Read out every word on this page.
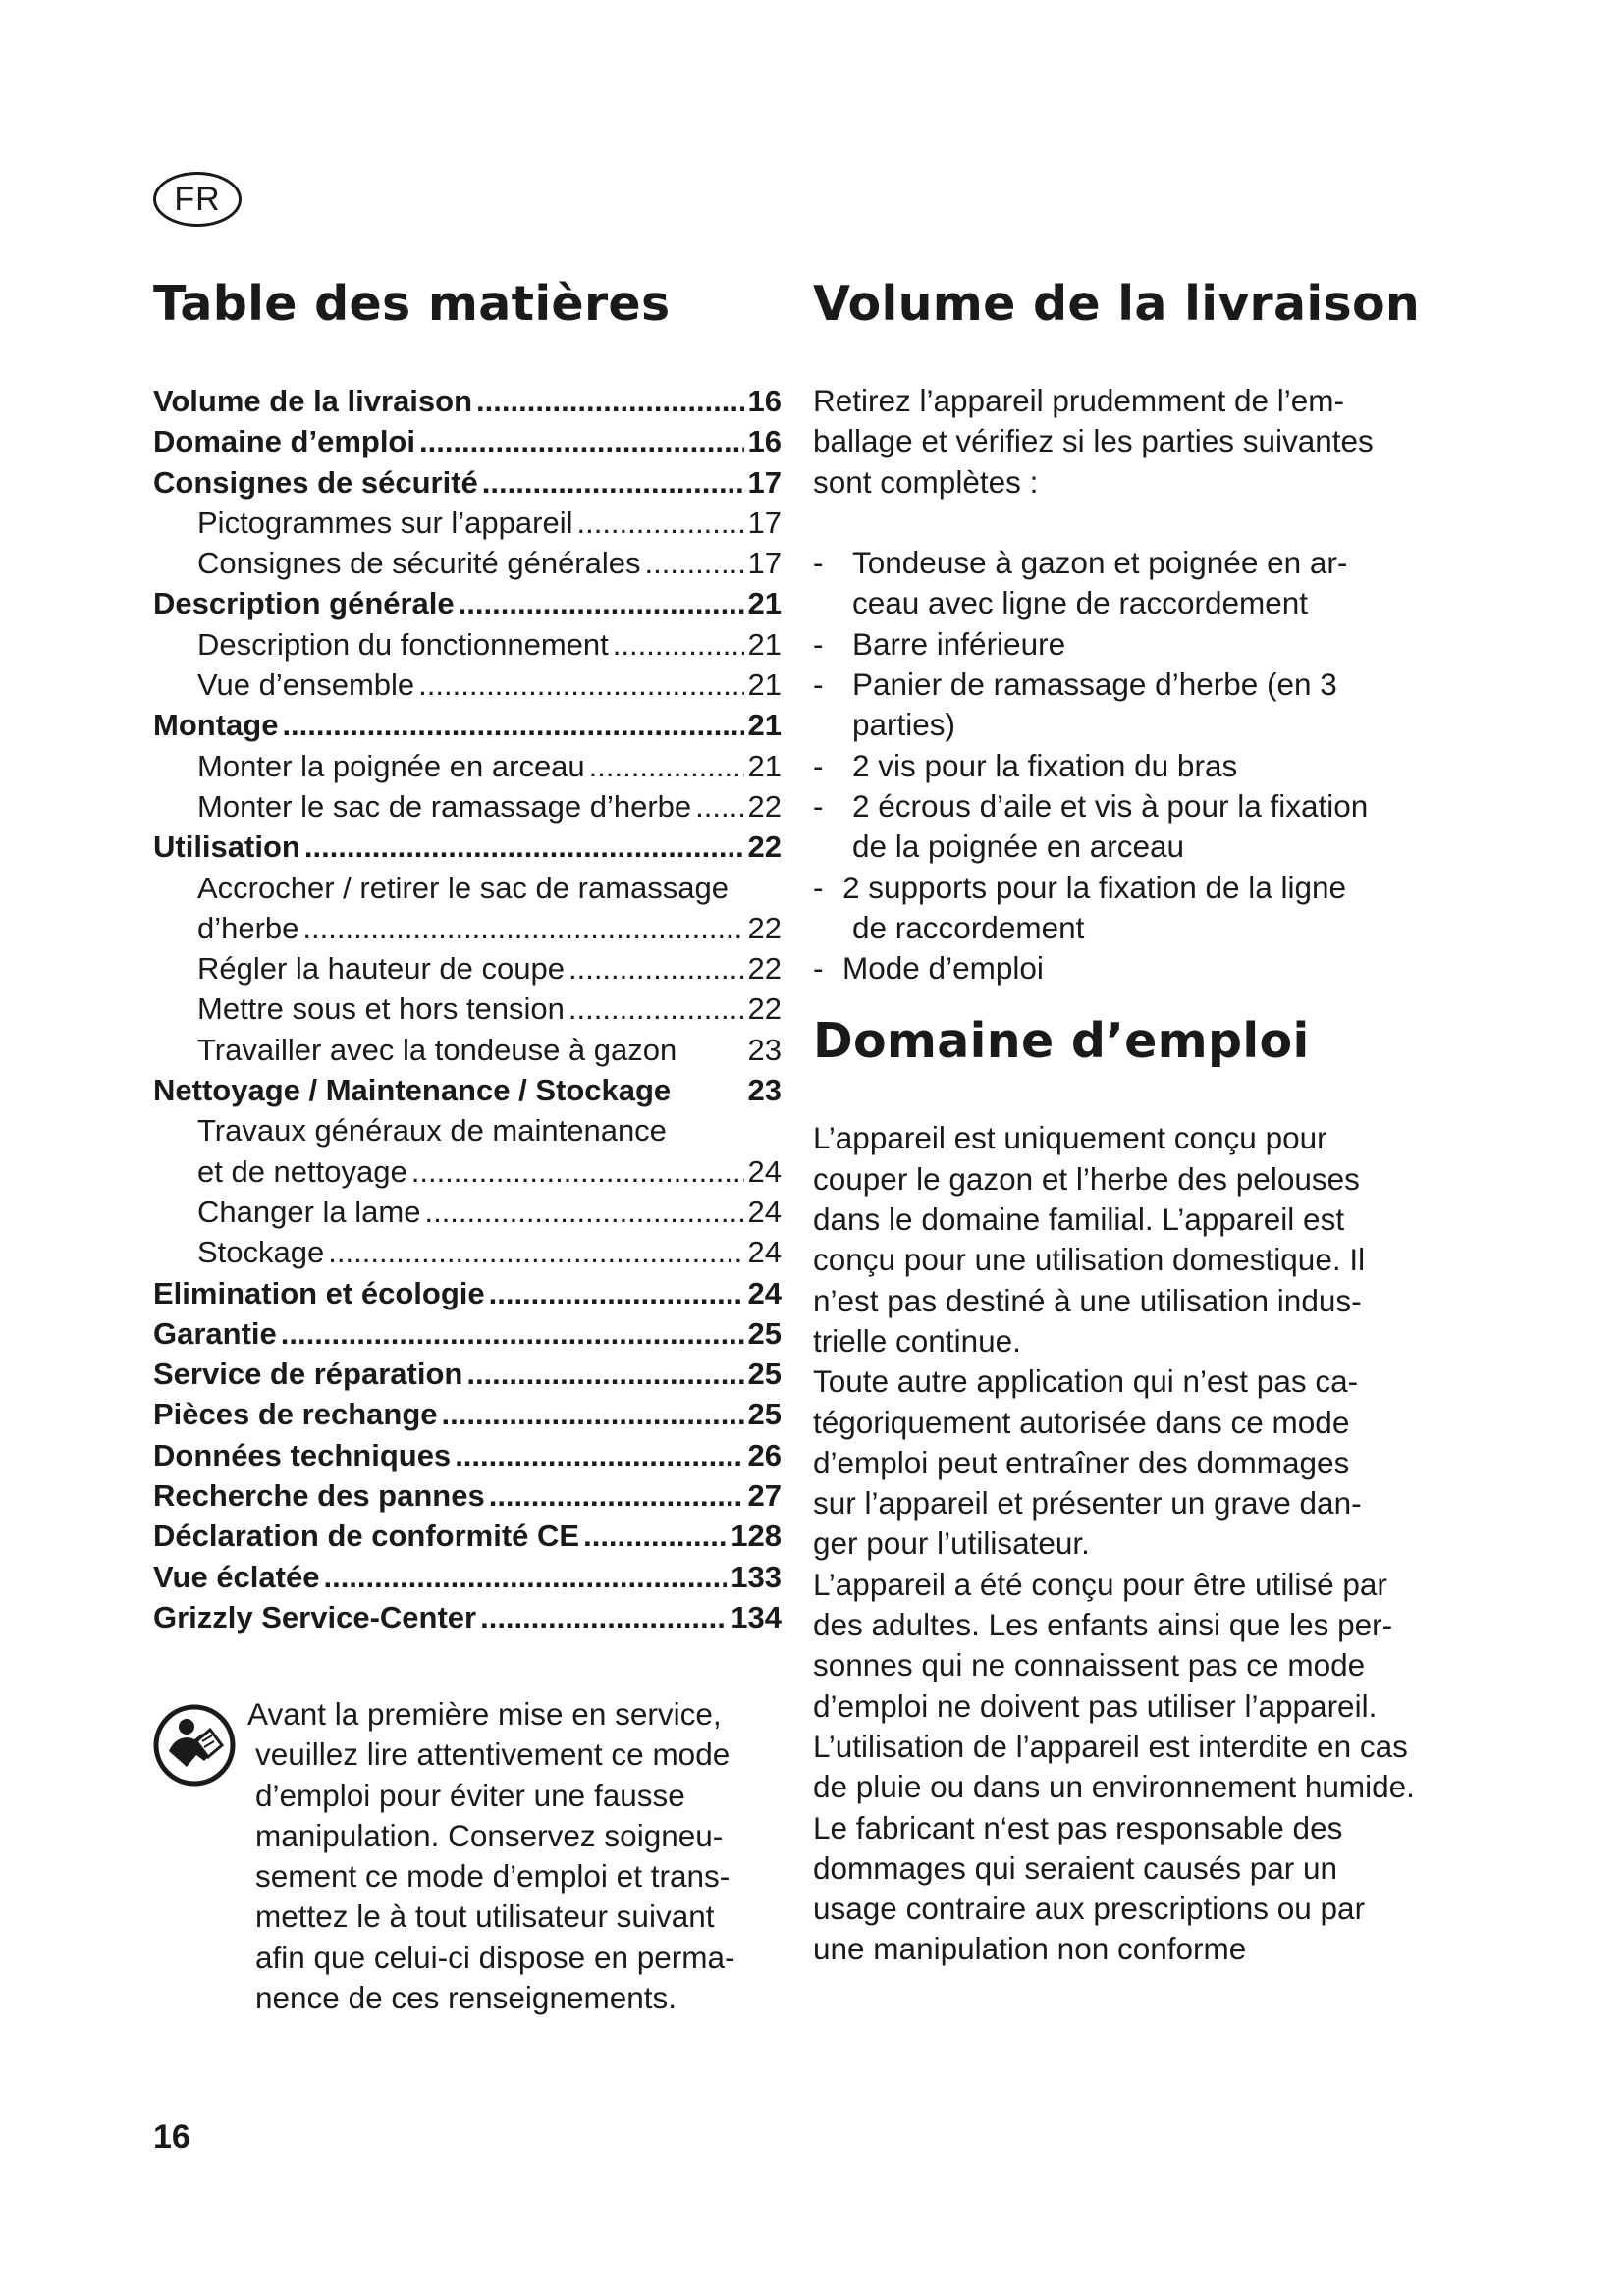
FR
Table des matières
Volume de la livraison .....	16
Domaine d’emploi .....	16
Consignes de sécurité .....	17
Pictogrammes sur l’appareil .....	17
Consignes de sécurité générales .....	17
Description générale .....	21
Description du fonctionnement .....	21
Vue d’ensemble .....	21
Montage .....	21
Monter la poignée en arceau .....	21
Monter le sac de ramassage d’herbe ..... 22
Utilisation .....	22
Accrocher / retirer le sac de ramassage
d’herbe .....	22
Régler la hauteur de coupe .....	22
Mettre sous et hors tension .....	22
Travailler avec la tondeuse à gazon 23
Nettoyage / Maintenance / Stockage	23
Travaux généraux de maintenance
et de nettoyage .....	24
Changer la lame .....	24
Stockage .....	24
Elimination et écologie .....	24
Garantie .....	25
Service de réparation .....	25
Pièces de rechange .....	25
Données techniques .....	26
Recherche des pannes .....	27
Déclaration de conformité CE .....	128
Vue éclatée .....	133
Grizzly Service-Center .....	134
Avant la première mise en service,
veuillez lire attentivement ce mode
d’emploi pour éviter une fausse
manipulation. Conservez soigneu-
sement ce mode d’emploi et trans-
mettez le à tout utilisateur suivant
afin que celui-ci dispose en perma-
nence de ces renseignements.
16
Volume de la livraison
Retirez l’appareil prudemment de l’em-
ballage et vérifiez si les parties suivantes
sont complètes :
- Tondeuse à gazon et poignée en ar-
ceau avec ligne de raccordement
- Barre inférieure
- Panier de ramassage d’herbe (en 3
parties)
- 2 vis pour la fixation du bras
- 2 écrous d’aile et vis à pour la fixation
de la poignée en arceau
- 2 supports pour la fixation de la ligne
de raccordement
- Mode d’emploi
Domaine d’emploi
L’appareil est uniquement conçu pour
couper le gazon et l’herbe des pelouses
dans le domaine familial. L’appareil est
conçu pour une utilisation domestique. Il
n’est pas destiné à une utilisation indus-
trielle continue.
Toute autre application qui n’est pas ca-
tégoriquement autorisée dans ce mode
d’emploi peut entraîner des dommages
sur l’appareil et présenter un grave dan-
ger pour l’utilisateur.
L’appareil a été conçu pour être utilisé par
des adultes. Les enfants ainsi que les per-
sonnes qui ne connaissent pas ce mode
d’emploi ne doivent pas utiliser l’appareil.
L’utilisation de l’appareil est interdite en cas
de pluie ou dans un environnement humide.
Le fabricant n‘est pas responsable des
dommages qui seraient causés par un
usage contraire aux prescriptions ou par
une manipulation non conforme
